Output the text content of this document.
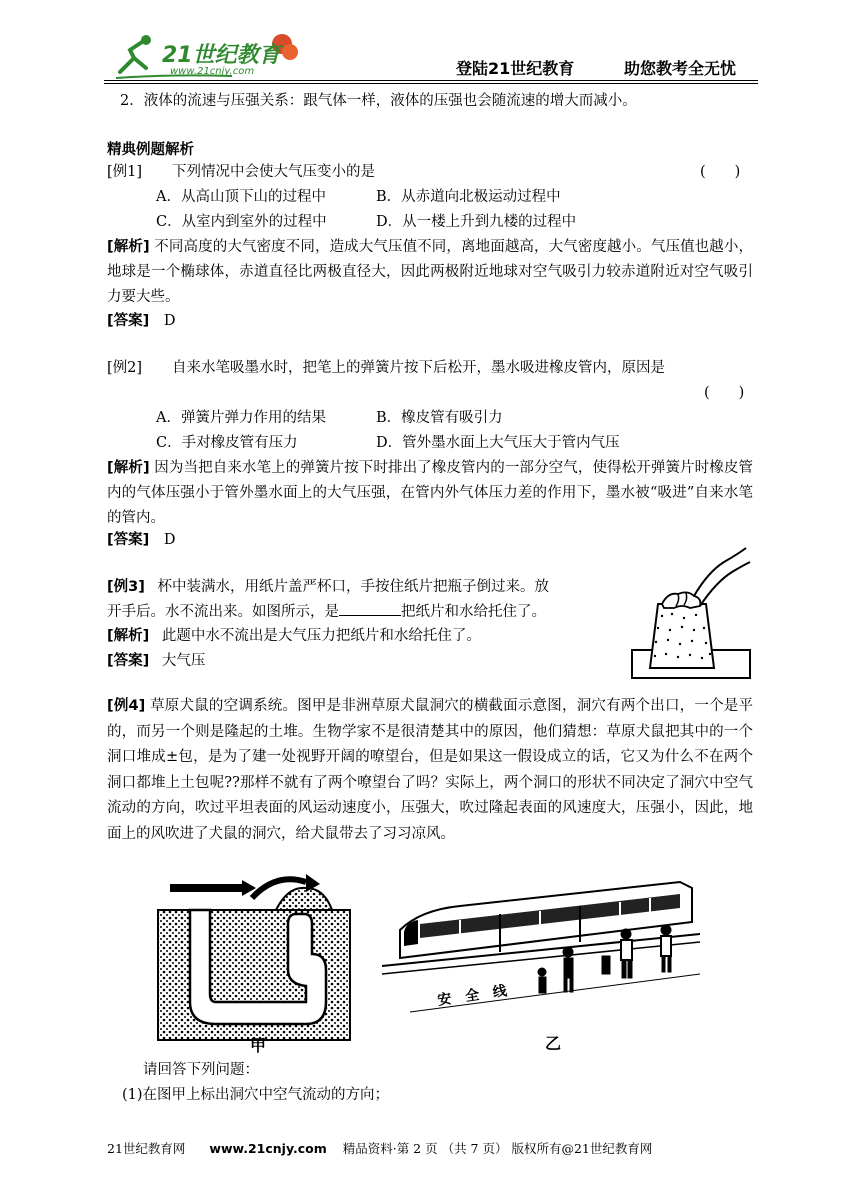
21世纪教育
www.21cnjy.com	登陆21世纪教育	助您教考全无忧
2．液体的流速与压强关系：跟气体一样，液体的压强也会随流速的增大而减小。
精典例题解析
[例1] 下列情况中会使大气压变小的是	(　　)
A．从高山顶下山的过程中	B．从赤道向北极运动过程中
C．从室内到室外的过程中	D．从一楼上升到九楼的过程中
[解析] 不同高度的大气密度不同，造成大气压值不同，离地面越高，大气密度越小。气压值也越小，地球是一个椭球体，赤道直径比两极直径大，因此两极附近地球对空气吸引力较赤道附近对空气吸引力要大些。
[答案] D
[例2] 自来水笔吸墨水时，把笔上的弹簧片按下后松开，墨水吸进橡皮管内，原因是
(　　)
A．弹簧片弹力作用的结果	B．橡皮管有吸引力
C．手对橡皮管有压力	D．管外墨水面上大气压大于管内气压
[解析] 因为当把自来水笔上的弹簧片按下时排出了橡皮管内的一部分空气，使得松开弹簧片时橡皮管内的气体压强小于管外墨水面上的大气压强，在管内外气体压力差的作用下，墨水被“吸进”自来水笔的管内。
[答案] D
[例3] 杯中装满水，用纸片盖严杯口，手按住纸片把瓶子倒过来。放
开手后。水不流出来。如图所示，是	把纸片和水给托住了。
[解析] 此题中水不流出是大气压力把纸片和水给托住了。
[答案] 大气压
[例4] 草原犬鼠的空调系统。图甲是非洲草原犬鼠洞穴的横截面示意图，洞穴有两个出口，一个是平的，而另一个则是隆起的土堆。生物学家不是很清楚其中的原因，他们猜想：草原犬鼠把其中的一个洞口堆成±包，是为了建一处视野开阔的嘹望台，但是如果这一假设成立的话，它又为什么不在两个洞口都堆上土包呢??那样不就有了两个嘹望台了吗？实际上，两个洞口的形状不同决定了洞穴中空气流动的方向，吹过平坦表面的风运动速度小，压强大，吹过隆起表面的风速度大，压强小，因此，地面上的风吹进了犬鼠的洞穴，给犬鼠带去了习习凉风。
甲
安　全　线
乙
请回答下列问题：
(1)在图甲上标出洞穴中空气流动的方向；
21世纪教育网 www.21cnjy.com 精品资料·第 2 页 （共 7 页） 版权所有@21世纪教育网
